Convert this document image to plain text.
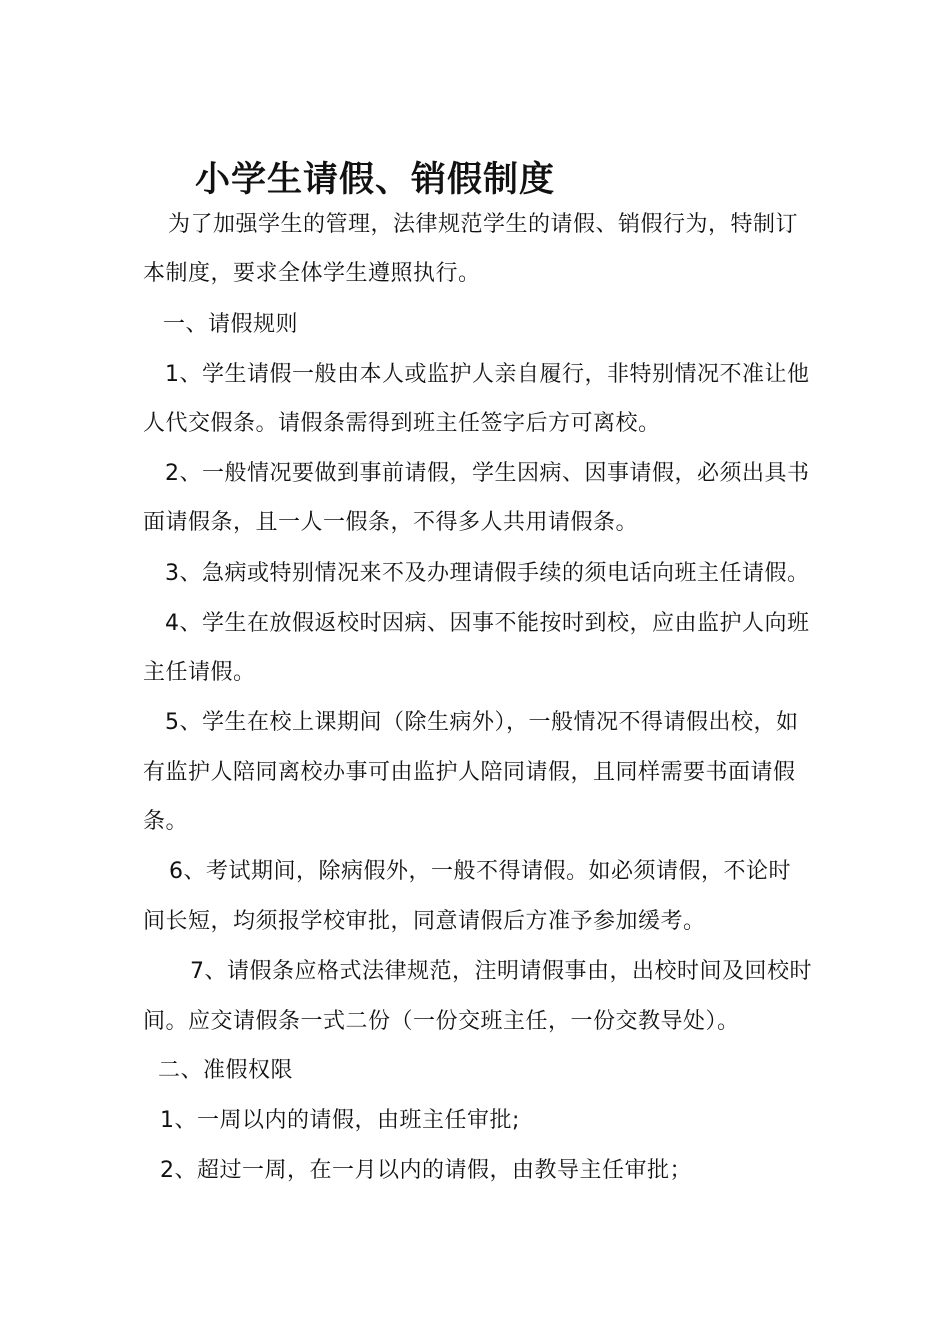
小学生请假、销假制度

为了加强学生的管理，法律规范学生的请假、销假行为，特制订

本制度，要求全体学生遵照执行。

一、请假规则

1、学生请假一般由本人或监护人亲自履行，非特别情况不准让他

人代交假条。请假条需得到班主任签字后方可离校。

2、一般情况要做到事前请假，学生因病、因事请假，必须出具书

面请假条，且一人一假条，不得多人共用请假条。

3、急病或特别情况来不及办理请假手续的须电话向班主任请假。

4、学生在放假返校时因病、因事不能按时到校，应由监护人向班

主任请假。

5、学生在校上课期间（除生病外），一般情况不得请假出校，如

有监护人陪同离校办事可由监护人陪同请假，且同样需要书面请假

条。

6、考试期间，除病假外，一般不得请假。如必须请假，不论时

间长短，均须报学校审批，同意请假后方准予参加缓考。

7、请假条应格式法律规范，注明请假事由，出校时间及回校时

间。应交请假条一式二份（一份交班主任，一份交教导处）。

二、准假权限

1、一周以内的请假，由班主任审批;

2、超过一周，在一月以内的请假，由教导主任审批；
